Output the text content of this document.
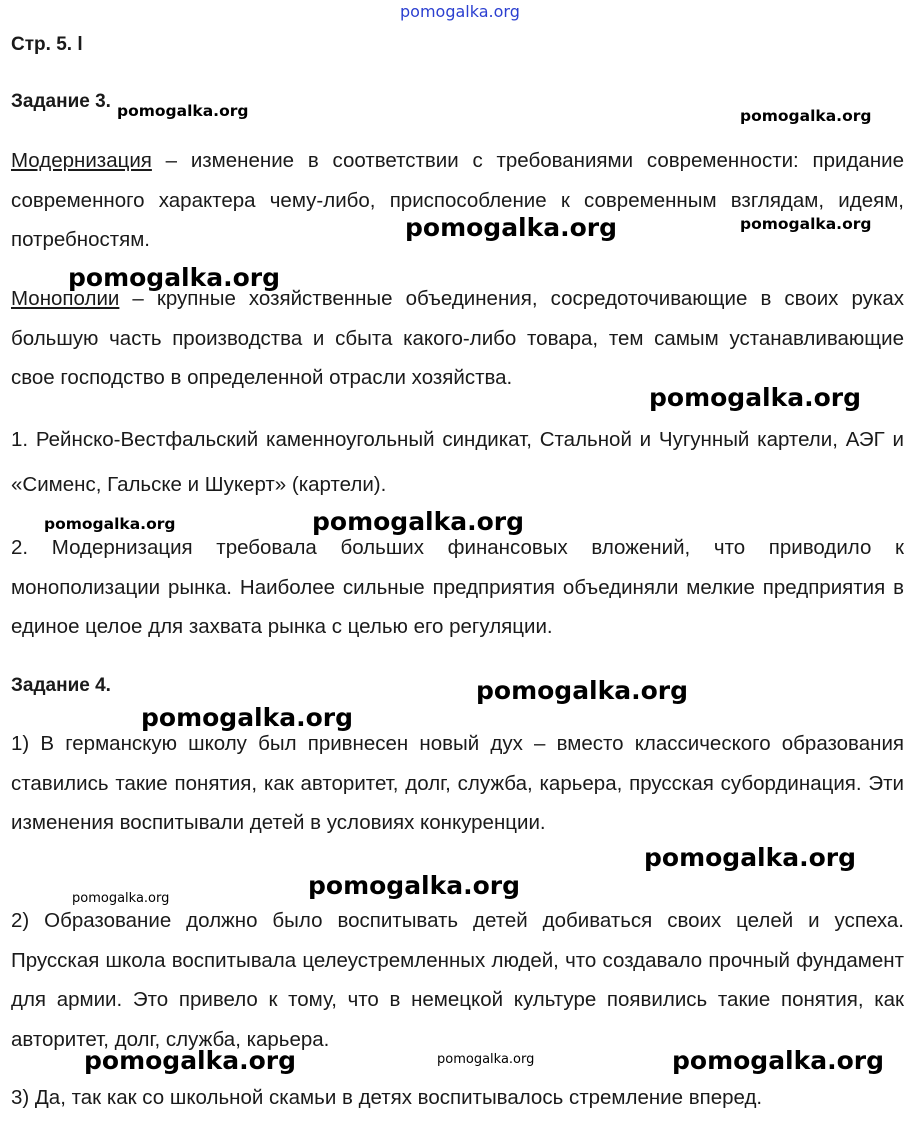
pomogalka.org
pomogalka.org	pomogalka.org
pomogalka.org	pomogalka.org
pomogalka.org
pomogalka.org
pomogalka.org	pomogalka.org
pomogalka.org
pomogalka.org
pomogalka.org
pomogalka.org
pomogalka.org
pomogalka.org	pomogalka.org	pomogalka.org
Стр. 5. l
Задание 3.

Модернизация – изменение в соответствии с требованиями современности: придание современного характера чему-либо, приспособление к современным взглядам, идеям, потребностям.

Монополии – крупные хозяйственные объединения, сосредоточивающие в своих руках большую часть производства и сбыта какого-либо товара, тем самым устанавливающие свое господство в определенной отрасли хозяйства.

1. Рейнско-Вестфальский каменноугольный синдикат, Стальной и Чугунный картели, АЭГ и «Сименс, Гальске и Шукерт» (картели).

2. Модернизация требовала больших финансовых вложений, что приводило к монополизации рынка. Наиболее сильные предприятия объединяли мелкие предприятия в единое целое для захвата рынка с целью его регуляции.

Задание 4.

1) В германскую школу был привнесен новый дух – вместо классического образования ставились такие понятия, как авторитет, долг, служба, карьера, прусская субординация. Эти изменения воспитывали детей в условиях конкуренции.

2) Образование должно было воспитывать детей добиваться своих целей и успеха. Прусская школа воспитывала целеустремленных людей, что создавало прочный фундамент для армии. Это привело к тому, что в немецкой культуре появились такие понятия, как авторитет, долг, служба, карьера.

3) Да, так как со школьной скамьи в детях воспитывалось стремление вперед.
